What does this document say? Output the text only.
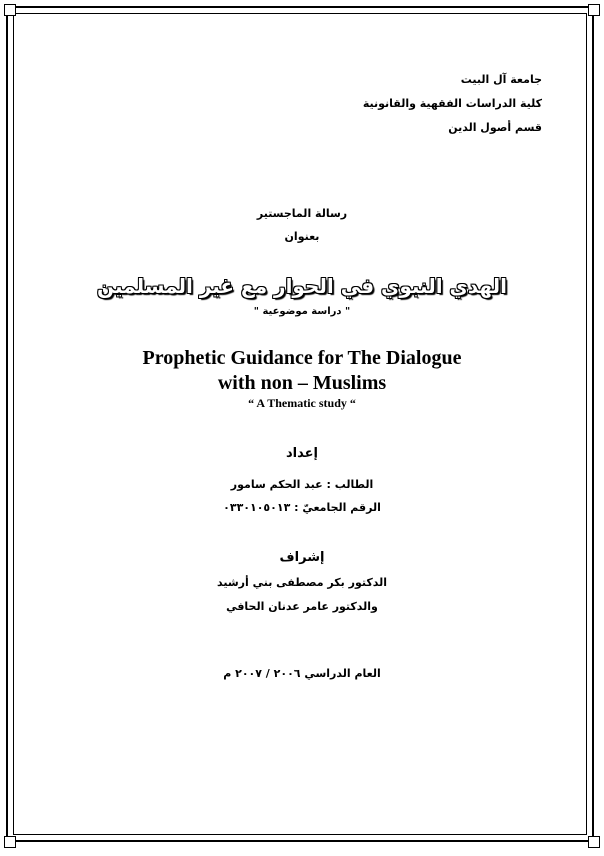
جامعة آل البيت
كلية الدراسات الفقهية والقانونية
قسم أصول الدين
رسالة الماجستير
بعنوان
الهدي النبوي في الحوار مع غير المسلمين
" دراسة موضوعية "
Prophetic Guidance for The Dialogue
with non – Muslims
“ A Thematic study “
إعداد
الطالب : عبد الحكم سامور
الرقم الجامعيّ : ٠٣٣٠١٠٥٠١٣
إشراف
الدكتور بكر مصطفى بني أرشيد
والدكتور عامر عدنان الحافي
العام الدراسي ٢٠٠٦ / ٢٠٠٧ م
